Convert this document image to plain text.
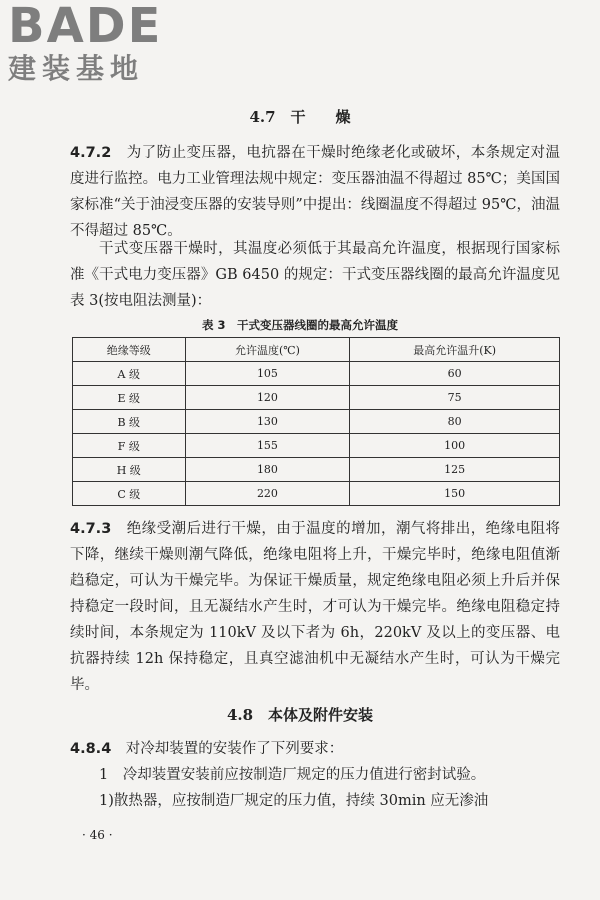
BADE
建装基地
4.7　干　　燥

4.7.2　 为了防止变压器，电抗器在干燥时绝缘老化或破坏，本条规定对温度进行监控。电力工业管理法规中规定：变压器油温不得超过 85℃；美国国家标准“关于油浸变压器的安装导则”中提出：线圈温度不得超过 95℃，油温不得超过 85℃。

干式变压器干燥时，其温度必须低于其最高允许温度，根据现行国家标准《干式电力变压器》GB 6450 的规定：干式变压器线圈的最高允许温度见表 3(按电阻法测量)：

表 3　干式变压器线圈的最高允许温度
绝缘等级	允许温度(℃)	最高允许温升(K)
A 级	105	60
E 级	120	75
B 级	130	80
F 级	155	100
H 级	180	125
C 级	220	150

4.7.3　 绝缘受潮后进行干燥，由于温度的增加，潮气将排出，绝缘电阻将下降，继续干燥则潮气降低，绝缘电阻将上升，干燥完毕时，绝缘电阻值渐趋稳定，可认为干燥完毕。为保证干燥质量，规定绝缘电阻必须上升后并保持稳定一段时间，且无凝结水产生时，才可认为干燥完毕。绝缘电阻稳定持续时间，本条规定为 110kV 及以下者为 6h，220kV 及以上的变压器、电抗器持续 12h 保持稳定，且真空滤油机中无凝结水产生时，可认为干燥完毕。

4.8　本体及附件安装

4.8.4　 对冷却装置的安装作了下列要求：

1　冷却装置安装前应按制造厂规定的压力值进行密封试验。

1)散热器，应按制造厂规定的压力值，持续 30min 应无渗油

· 46 ·
